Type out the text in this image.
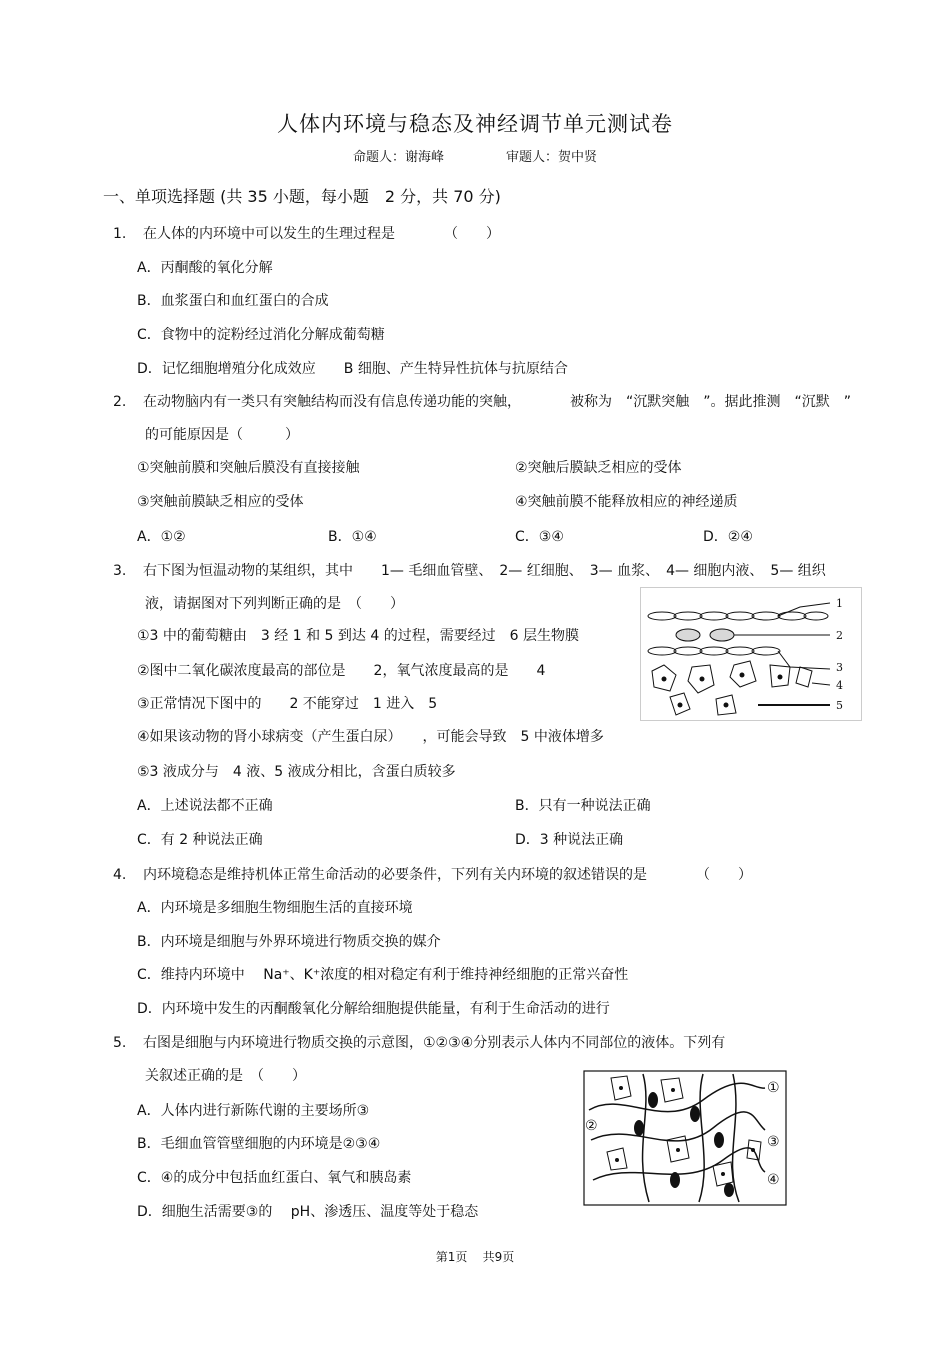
人体内环境与稳态及神经调节单元测试卷
命题人：谢海峰	审题人：贺中贤
一、单项选择题 (共 35 小题，每小题　2 分，共 70 分)
1. 在人体的内环境中可以发生的生理过程是　　　　（　　）
A．丙酮酸的氧化分解
B．血浆蛋白和血红蛋白的合成
C．食物中的淀粉经过消化分解成葡萄糖
D．记忆细胞增殖分化成效应　　B 细胞、产生特异性抗体与抗原结合
2. 在动物脑内有一类只有突触结构而没有信息传递功能的突触，　　　　被称为　“沉默突触　”。据此推测　“沉默　”
的可能原因是（　　　）
①突触前膜和突触后膜没有直接接触	②突触后膜缺乏相应的受体
③突触前膜缺乏相应的受体	④突触前膜不能释放相应的神经递质
A．①②	B．①④	C．③④	D．②④
3. 右下图为恒温动物的某组织，其中　　1— 毛细血管壁、　2— 红细胞、　3— 血浆、　4— 细胞内液、　5— 组织
液，请据图对下列判断正确的是　（　　）
①3 中的葡萄糖由　3 经 1 和 5 到达 4 的过程，需要经过　6 层生物膜
②图中二氧化碳浓度最高的部位是　　2，氧气浓度最高的是　　4
③正常情况下图中的　　2 不能穿过　1 进入　5
④如果该动物的肾小球病变（产生蛋白尿）　　，可能会导致　5 中液体增多
⑤3 液成分与　4 液、5 液成分相比，含蛋白质较多
A．上述说法都不正确	B．只有一种说法正确
C．有 2 种说法正确	D．3 种说法正确
1
2
3
4
5
4. 内环境稳态是维持机体正常生命活动的必要条件，下列有关内环境的叙述错误的是　　　　（　　）
A．内环境是多细胞生物细胞生活的直接环境
B．内环境是细胞与外界环境进行物质交换的媒介
C．维持内环境中　 Na⁺、K⁺浓度的相对稳定有利于维持神经细胞的正常兴奋性
D．内环境中发生的丙酮酸氧化分解给细胞提供能量，有利于生命活动的进行
5. 右图是细胞与内环境进行物质交换的示意图，①②③④分别表示人体内不同部位的液体。下列有
关叙述正确的是　（　　）
A．人体内进行新陈代谢的主要场所③
B．毛细血管管壁细胞的内环境是②③④
C．④的成分中包括血红蛋白、氧气和胰岛素
D．细胞生活需要③的　 pH、渗透压、温度等处于稳态
①
②
③
④
第1页 共9页
